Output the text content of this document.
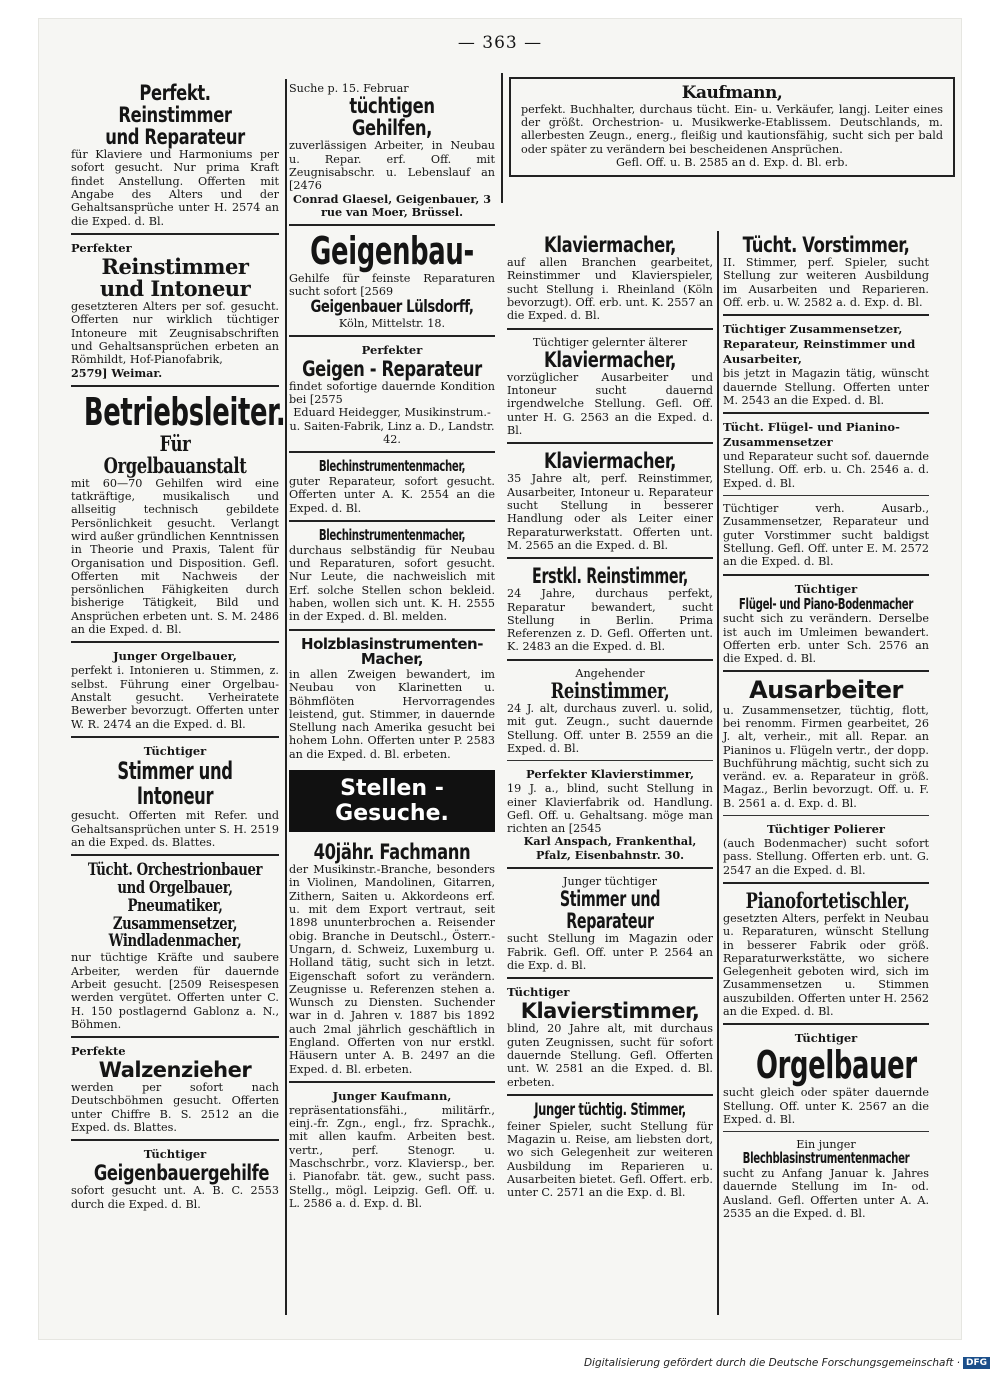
— 363 —
Perfekt. Reinstimmer
und Reparateur
für Klaviere und Harmoniums per sofort gesucht. Nur prima Kraft findet Anstellung. Offerten mit Angabe des Alters und der Gehaltsansprüche unter H. 2574 an die Exped. d. Bl.
Perfekter
Reinstimmer
und Intoneur
gesetzteren Alters per sof. gesucht. Offerten nur wirklich tüchtiger Intoneure mit Zeugnisabschriften und Gehaltsansprüchen erbeten an Römhildt, Hof-Pianofabrik,
2579] Weimar.
Betriebsleiter.
Für Orgelbauanstalt
mit 60—70 Gehilfen wird eine tatkräftige, musikalisch und allseitig technisch gebildete Persönlichkeit gesucht. Verlangt wird außer gründlichen Kenntnissen in Theorie und Praxis, Talent für Organisation und Disposition. Gefl. Offerten mit Nachweis der persönlichen Fähigkeiten durch bisherige Tätigkeit, Bild und Ansprüchen erbeten unt. S. M. 2486 an die Exped. d. Bl.
Junger Orgelbauer,
perfekt i. Intonieren u. Stimmen, z. selbst. Führung einer Orgelbau-Anstalt gesucht. Verheiratete Bewerber bevorzugt. Offerten unter W. R. 2474 an die Exped. d. Bl.
Tüchtiger
Stimmer und Intoneur
gesucht. Offerten mit Refer. und Gehaltsansprüchen unter S. H. 2519 an die Exped. ds. Blattes.
Tücht. Orchestrionbauer
und Orgelbauer,
Pneumatiker,
Zusammensetzer,
Windladenmacher,
nur tüchtige Kräfte und saubere Arbeiter, werden für dauernde Arbeit gesucht. [2509 Reisespesen werden vergütet. Offerten unter C. H. 150 postlagernd Gablonz a. N., Böhmen.
Perfekte
Walzenzieher
werden per sofort nach Deutschböhmen gesucht. Offerten unter Chiffre B. S. 2512 an die Exped. ds. Blattes.
Tüchtiger
Geigenbauergehilfe
sofort gesucht unt. A. B. C. 2553 durch die Exped. d. Bl.
Suche p. 15. Februar
tüchtigen Gehilfen,
zuverlässigen Arbeiter, in Neubau u. Repar. erf. Off. mit Zeugnisabschr. u. Lebenslauf an [2476
Conrad Glaesel, Geigenbauer, 3 rue van Moer, Brüssel.
Geigenbau-
Gehilfe für feinste Reparaturen sucht sofort [2569
Geigenbauer Lülsdorff,
Köln, Mittelstr. 18.
Perfekter
Geigen - Reparateur
findet sofortige dauernde Kondition bei [2575
Eduard Heidegger, Musikinstrum.- u. Saiten-Fabrik, Linz a. D., Landstr. 42.
Blechinstrumentenmacher,
guter Reparateur, sofort gesucht. Offerten unter A. K. 2554 an die Exped. d. Bl.
Blechinstrumentenmacher,
durchaus selbständig für Neubau und Reparaturen, sofort gesucht. Nur Leute, die nachweislich mit Erf. solche Stellen schon bekleid. haben, wollen sich unt. K. H. 2555 in der Exped. d. Bl. melden.
Holzblasinstrumenten-
Macher,
in allen Zweigen bewandert, im Neubau von Klarinetten u. Böhmflöten Hervorragendes leistend, gut. Stimmer, in dauernde Stellung nach Amerika gesucht bei hohem Lohn. Offerten unter P. 2583 an die Exped. d. Bl. erbeten.
Stellen - Gesuche.
40jähr. Fachmann
der Musikinstr.-Branche, besonders in Violinen, Mandolinen, Gitarren, Zithern, Saiten u. Akkordeons erf. u. mit dem Export vertraut, seit 1898 ununterbrochen a. Reisender obig. Branche in Deutschl., Österr.-Ungarn, d. Schweiz, Luxemburg u. Holland tätig, sucht sich in letzt. Eigenschaft sofort zu verändern. Zeugnisse u. Referenzen stehen a. Wunsch zu Diensten. Suchender war in d. Jahren v. 1887 bis 1892 auch 2mal jährlich geschäftlich in England. Offerten von nur erstkl. Häusern unter A. B. 2497 an die Exped. d. Bl. erbeten.
Junger Kaufmann,
repräsentationsfähi., militärfr., einj.-fr. Zgn., engl., frz. Sprachk., mit allen kaufm. Arbeiten best. vertr., perf. Stenogr. u. Maschschrbr., vorz. Klaviersp., ber. i. Pianofabr. tät. gew., sucht pass. Stellg., mögl. Leipzig. Gefl. Off. u. L. 2586 a. d. Exp. d. Bl.
Kaufmann,
perfekt. Buchhalter, durchaus tücht. Ein- u. Verkäufer, langj. Leiter eines der größt. Orchestrion- u. Musikwerke-Etablissem. Deutschlands, m. allerbesten Zeugn., energ., fleißig und kautionsfähig, sucht sich per bald oder später zu verändern bei bescheidenen Ansprüchen.
Gefl. Off. u. B. 2585 an d. Exp. d. Bl. erb.
Klaviermacher,
auf allen Branchen gearbeitet, Reinstimmer und Klavierspieler, sucht Stellung i. Rheinland (Köln bevorzugt). Off. erb. unt. K. 2557 an die Exped. d. Bl.
Tüchtiger gelernter älterer
Klaviermacher,
vorzüglicher Ausarbeiter und Intoneur sucht dauernd irgendwelche Stellung. Gefl. Off. unter H. G. 2563 an die Exped. d. Bl.
Klaviermacher,
35 Jahre alt, perf. Reinstimmer, Ausarbeiter, Intoneur u. Reparateur sucht Stellung in besserer Handlung oder als Leiter einer Reparaturwerkstatt. Offerten unt. M. 2565 an die Exped. d. Bl.
Erstkl. Reinstimmer,
24 Jahre, durchaus perfekt, Reparatur bewandert, sucht Stellung in Berlin. Prima Referenzen z. D. Gefl. Offerten unt. K. 2483 an die Exped. d. Bl.
Angehender
Reinstimmer,
24 J. alt, durchaus zuverl. u. solid, mit gut. Zeugn., sucht dauernde Stellung. Off. unter B. 2559 an die Exped. d. Bl.
Perfekter Klavierstimmer,
19 J. a., blind, sucht Stellung in einer Klavierfabrik od. Handlung. Gefl. Off. u. Gehaltsang. möge man richten an [2545
Karl Anspach, Frankenthal, Pfalz, Eisenbahnstr. 30.
Junger tüchtiger
Stimmer und Reparateur
sucht Stellung im Magazin oder Fabrik. Gefl. Off. unter P. 2564 an die Exp. d. Bl.
Tüchtiger
Klavierstimmer,
blind, 20 Jahre alt, mit durchaus guten Zeugnissen, sucht für sofort dauernde Stellung. Gefl. Offerten unt. W. 2581 an die Exped. d. Bl. erbeten.
Junger tüchtig. Stimmer,
feiner Spieler, sucht Stellung für Magazin u. Reise, am liebsten dort, wo sich Gelegenheit zur weiteren Ausbildung im Reparieren u. Ausarbeiten bietet. Gefl. Offert. erb. unter C. 2571 an die Exp. d. Bl.
Tücht. Vorstimmer,
II. Stimmer, perf. Spieler, sucht Stellung zur weiteren Ausbildung im Ausarbeiten und Reparieren. Off. erb. u. W. 2582 a. d. Exp. d. Bl.
Tüchtiger Zusammensetzer, Reparateur, Reinstimmer und Ausarbeiter,
bis jetzt in Magazin tätig, wünscht dauernde Stellung. Offerten unter M. 2543 an die Exped. d. Bl.
Tücht. Flügel- und Pianino-Zusammensetzer
und Reparateur sucht sof. dauernde Stellung. Off. erb. u. Ch. 2546 a. d. Exped. d. Bl.
Tüchtiger verh. Ausarb., Zusammensetzer, Reparateur und guter Vorstimmer sucht baldigst Stellung. Gefl. Off. unter E. M. 2572 an die Exped. d. Bl.
Tüchtiger
Flügel- und Piano-Bodenmacher
sucht sich zu verändern. Derselbe ist auch im Umleimen bewandert. Offerten erb. unter Sch. 2576 an die Exped. d. Bl.
Ausarbeiter
u. Zusammensetzer, tüchtig, flott, bei renomm. Firmen gearbeitet, 26 J. alt, verheir., mit all. Repar. an Pianinos u. Flügeln vertr., der dopp. Buchführung mächtig, sucht sich zu veränd. ev. a. Reparateur in größ. Magaz., Berlin bevorzugt. Off. u. F. B. 2561 a. d. Exp. d. Bl.
Tüchtiger Polierer
(auch Bodenmacher) sucht sofort pass. Stellung. Offerten erb. unt. G. 2547 an die Exped. d. Bl.
Pianofortetischler,
gesetzten Alters, perfekt in Neubau u. Reparaturen, wünscht Stellung in besserer Fabrik oder größ. Reparaturwerkstätte, wo sichere Gelegenheit geboten wird, sich im Zusammensetzen u. Stimmen auszubilden. Offerten unter H. 2562 an die Exped. d. Bl.
Tüchtiger
Orgelbauer
sucht gleich oder später dauernde Stellung. Off. unter K. 2567 an die Exped. d. Bl.
Ein junger
Blechblasinstrumentenmacher
sucht zu Anfang Januar k. Jahres dauernde Stellung im In- od. Ausland. Gefl. Offerten unter A. A. 2535 an die Exped. d. Bl.
Digitalisierung gefördert durch die Deutsche Forschungsgemeinschaft · DFG
